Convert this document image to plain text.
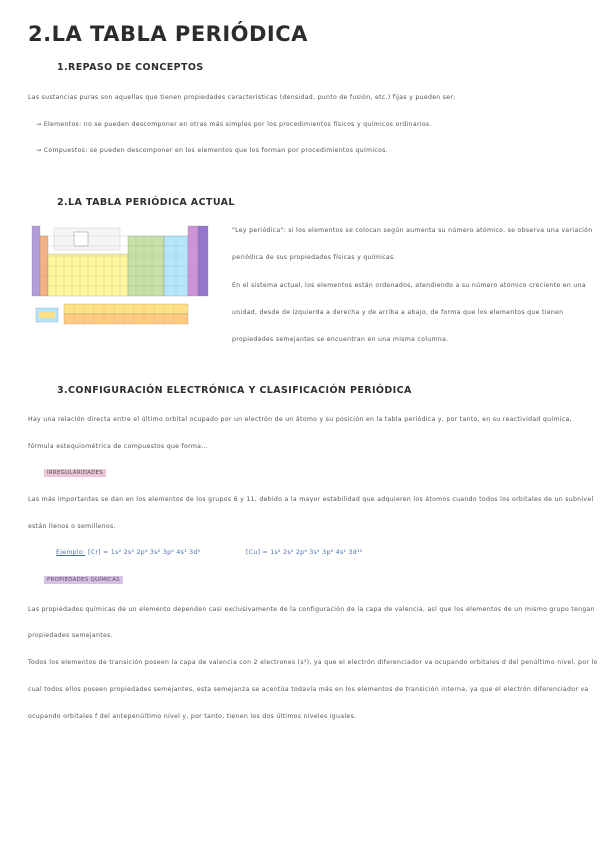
2.LA TABLA PERIÓDICA
1.REPASO DE CONCEPTOS
Las sustancias puras son aquellas que tienen propiedades características (densidad, punto de fusión, etc.) fijas y pueden ser:
→ Elementos: no se pueden descomponer en otras más simples por los procedimientos físicos y químicos ordinarios.
→ Compuestos: se pueden descomponer en los elementos que los forman por procedimientos químicos.
2.LA TABLA PERIÓDICA ACTUAL
"Ley periódica": si los elementos se colocan según aumenta su número atómico, se observa una variación
periódica de sus propiedades físicas y químicas.
En el sistema actual, los elementos están ordenados, atendiendo a su número atómico creciente en una
unidad, desde de izquierda a derecha y de arriba a abajo, de forma que los elementos que tienen
propiedades semejantes se encuentran en una misma columna.
3.CONFIGURACIÓN ELECTRÓNICA Y CLASIFICACIÓN PERIÓDICA
Hay una relación directa entre el último orbital ocupado por un electrón de un átomo y su posición en la tabla periódica y, por tanto, en su reactividad química,
fórmula estequiométrica de compuestos que forma...
IRREGULARIDADES
Las más importantes se dan en los elementos de los grupos 6 y 11, debido a la mayor estabilidad que adquieren los átomos cuando todos los orbitales de un subnivel
están llenos o semillenos.
Ejemplo: [Cr] = 1s² 2s² 2p⁶ 3s² 3p⁶ 4s¹ 3d⁵	[Cu] = 1s² 2s² 2p⁶ 3s² 3p⁶ 4s¹ 3d¹⁰
PROPIEDADES QUÍMICAS
Las propiedades químicas de un elemento dependen casi exclusivamente de la configuración de la capa de valencia, así que los elementos de un mismo grupo tengan
propiedades semejantes.
Todos los elementos de transición poseen la capa de valencia con 2 electrones (s²), ya que el electrón diferenciador va ocupando orbitales d del penúltimo nivel, por lo
cual todos ellos poseen propiedades semejantes, esta semejanza se acentúa todavía más en los elementos de transición interna, ya que el electrón diferenciador va
ocupando orbitales f del antepenúltimo nivel y, por tanto, tienen los dos últimos niveles iguales.
